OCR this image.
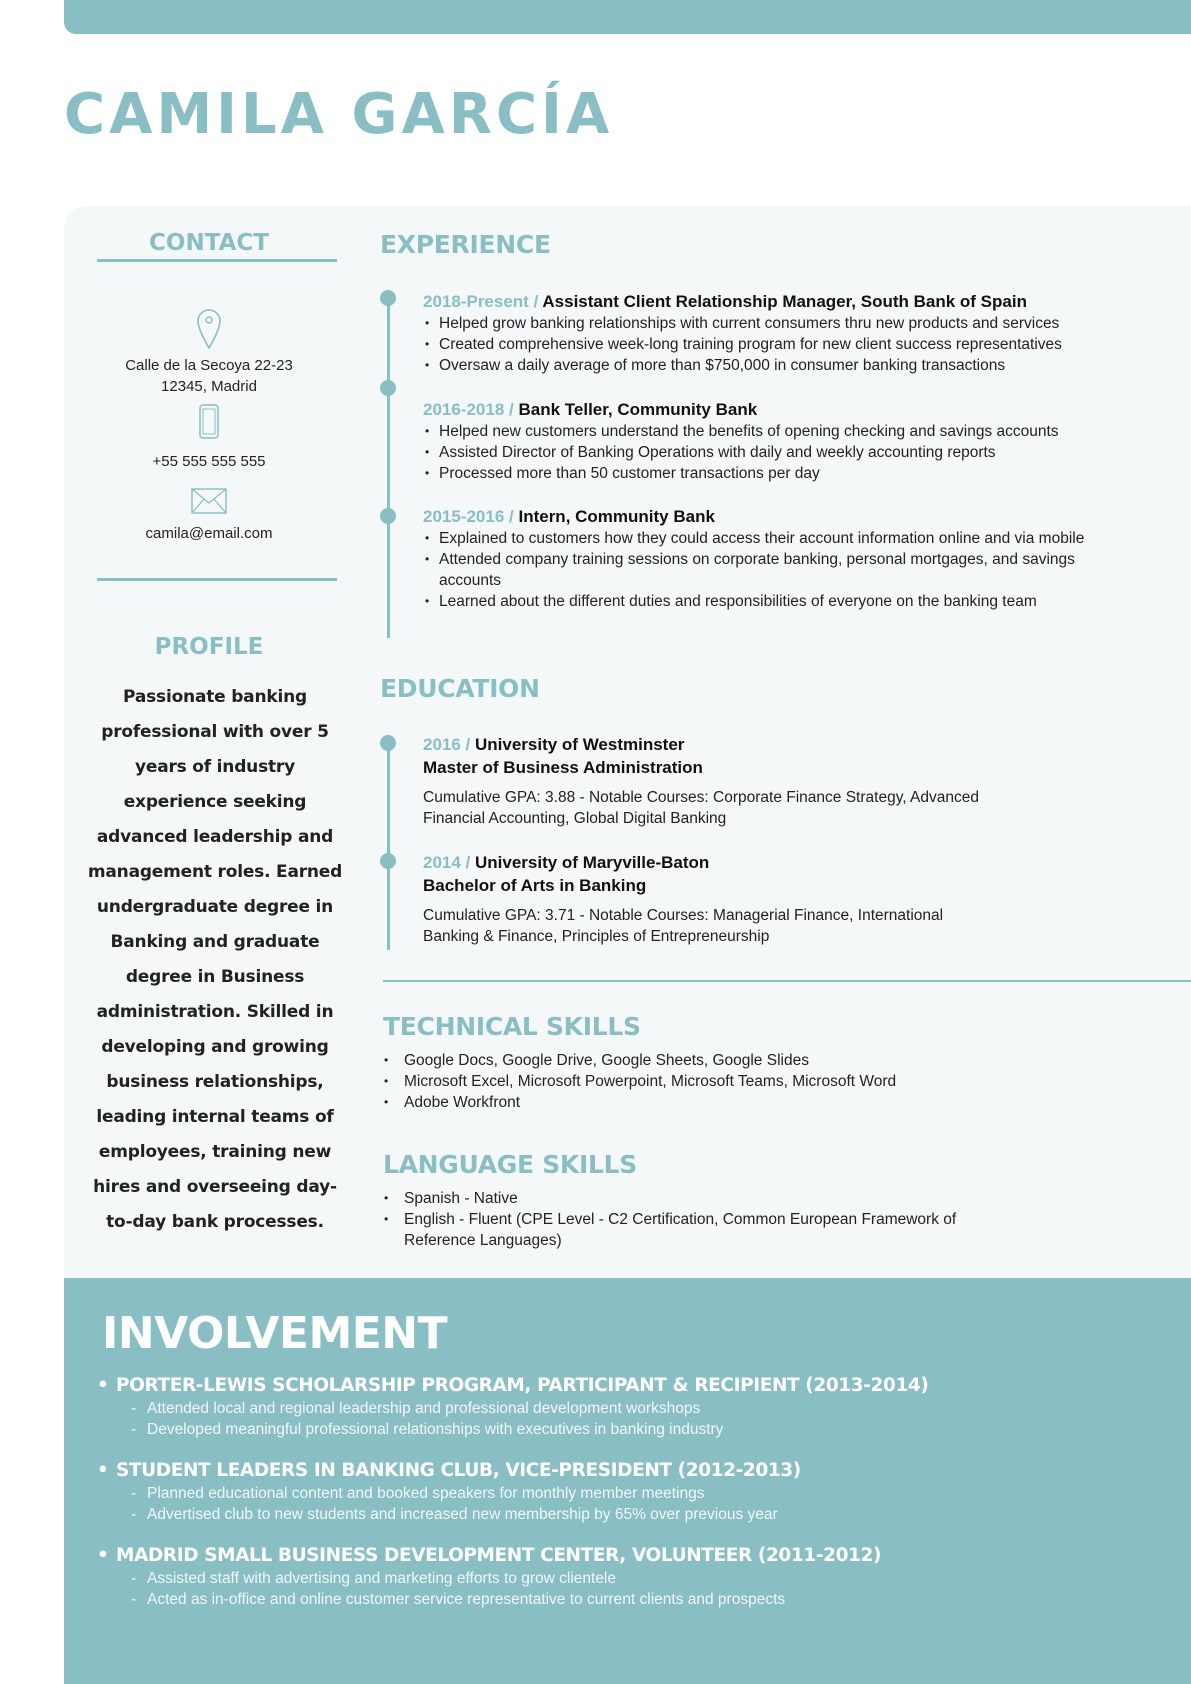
CAMILA GARCÍA
CONTACT
Calle de la Secoya 22-23
12345, Madrid
+55 555 555 555
camila@email.com
PROFILE

Passionate banking professional with over 5 years of industry experience seeking advanced leadership and management roles. Earned undergraduate degree in Banking and graduate degree in Business administration. Skilled in developing and growing business relationships, leading internal teams of employees, training new hires and overseeing day-to-day bank processes.

EXPERIENCE
2018-Present / Assistant Client Relationship Manager, South Bank of Spain
• Helped grow banking relationships with current consumers thru new products and services
• Created comprehensive week-long training program for new client success representatives
• Oversaw a daily average of more than $750,000 in consumer banking transactions
2016-2018 / Bank Teller, Community Bank
• Helped new customers understand the benefits of opening checking and savings accounts
• Assisted Director of Banking Operations with daily and weekly accounting reports
• Processed more than 50 customer transactions per day
2015-2016 / Intern, Community Bank
• Explained to customers how they could access their account information online and via mobile
• Attended company training sessions on corporate banking, personal mortgages, and savings accounts
• Learned about the different duties and responsibilities of everyone on the banking team
EDUCATION
2016 / University of Westminster
Master of Business Administration
Cumulative GPA: 3.88 - Notable Courses: Corporate Finance Strategy, Advanced Financial Accounting, Global Digital Banking
2014 / University of Maryville-Baton
Bachelor of Arts in Banking
Cumulative GPA: 3.71 - Notable Courses: Managerial Finance, International Banking & Finance, Principles of Entrepreneurship
TECHNICAL SKILLS
• Google Docs, Google Drive, Google Sheets, Google Slides
• Microsoft Excel, Microsoft Powerpoint, Microsoft Teams, Microsoft Word
• Adobe Workfront
LANGUAGE SKILLS
• Spanish - Native
• English - Fluent (CPE Level - C2 Certification, Common European Framework of Reference Languages)
INVOLVEMENT
• PORTER-LEWIS SCHOLARSHIP PROGRAM, PARTICIPANT & RECIPIENT (2013-2014)
- Attended local and regional leadership and professional development workshops
- Developed meaningful professional relationships with executives in banking industry
• STUDENT LEADERS IN BANKING CLUB, VICE-PRESIDENT (2012-2013)
- Planned educational content and booked speakers for monthly member meetings
- Advertised club to new students and increased new membership by 65% over previous year
• MADRID SMALL BUSINESS DEVELOPMENT CENTER, VOLUNTEER (2011-2012)
- Assisted staff with advertising and marketing efforts to grow clientele
- Acted as in-office and online customer service representative to current clients and prospects
